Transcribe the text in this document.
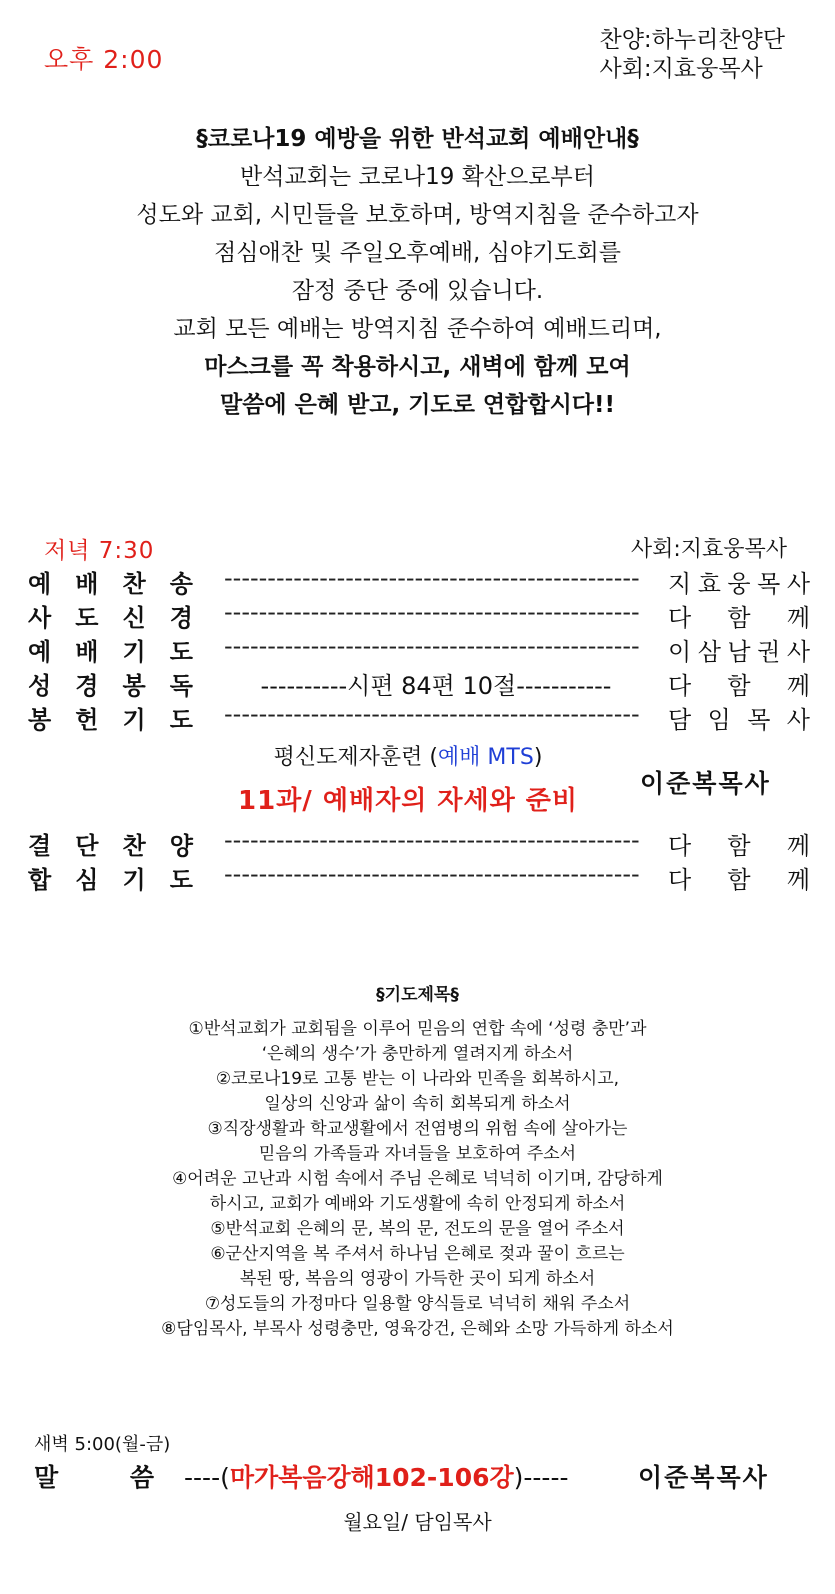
오후 2:00
찬양:하누리찬양단
사회:지효웅목사
§코로나19 예방을 위한 반석교회 예배안내§
반석교회는 코로나19 확산으로부터
성도와 교회, 시민들을 보호하며, 방역지침을 준수하고자
점심애찬 및 주일오후예배, 심야기도회를
잠정 중단 중에 있습니다.
교회 모든 예배는 방역지침 준수하여 예배드리며,
마스크를 꼭 착용하시고, 새벽에 함께 모여
말씀에 은혜 받고, 기도로 연합합시다!!
저녁 7:30	사회:지효웅목사
예 배 찬 송 ------------------------------------------------	지 효 웅 목 사
사 도 신 경 ------------------------------------------------	다 함 께
예 배 기 도 ------------------------------------------------	이 삼 남 권 사
성 경 봉 독	----------시편 84편 10절-----------	다 함 께
봉 헌 기 도 ------------------------------------------------	담 임 목 사
평신도제자훈련 (예배 MTS)
11과/ 예배자의 자세와 준비
이준복목사
결 단 찬 양 ------------------------------------------------	다 함 께
합 심 기 도 ------------------------------------------------	다 함 께
§기도제목§
①반석교회가 교회됨을 이루어 믿음의 연합 속에 ‘성령 충만’과
‘은혜의 생수’가 충만하게 열려지게 하소서
②코로나19로 고통 받는 이 나라와 민족을 회복하시고,
일상의 신앙과 삶이 속히 회복되게 하소서
③직장생활과 학교생활에서 전염병의 위험 속에 살아가는
믿음의 가족들과 자녀들을 보호하여 주소서
④어려운 고난과 시험 속에서 주님 은혜로 넉넉히 이기며, 감당하게
하시고, 교회가 예배와 기도생활에 속히 안정되게 하소서
⑤반석교회 은혜의 문, 복의 문, 전도의 문을 열어 주소서
⑥군산지역을 복 주셔서 하나님 은혜로 젖과 꿀이 흐르는
복된 땅, 복음의 영광이 가득한 곳이 되게 하소서
⑦성도들의 가정마다 일용할 양식들로 넉넉히 채워 주소서
⑧담임목사, 부목사 성령충만, 영육강건, 은혜와 소망 가득하게 하소서
새벽 5:00(월-금)
말	씀 ----(마가복음강해102-106강)-----	이준복목사
월요일/ 담임목사
